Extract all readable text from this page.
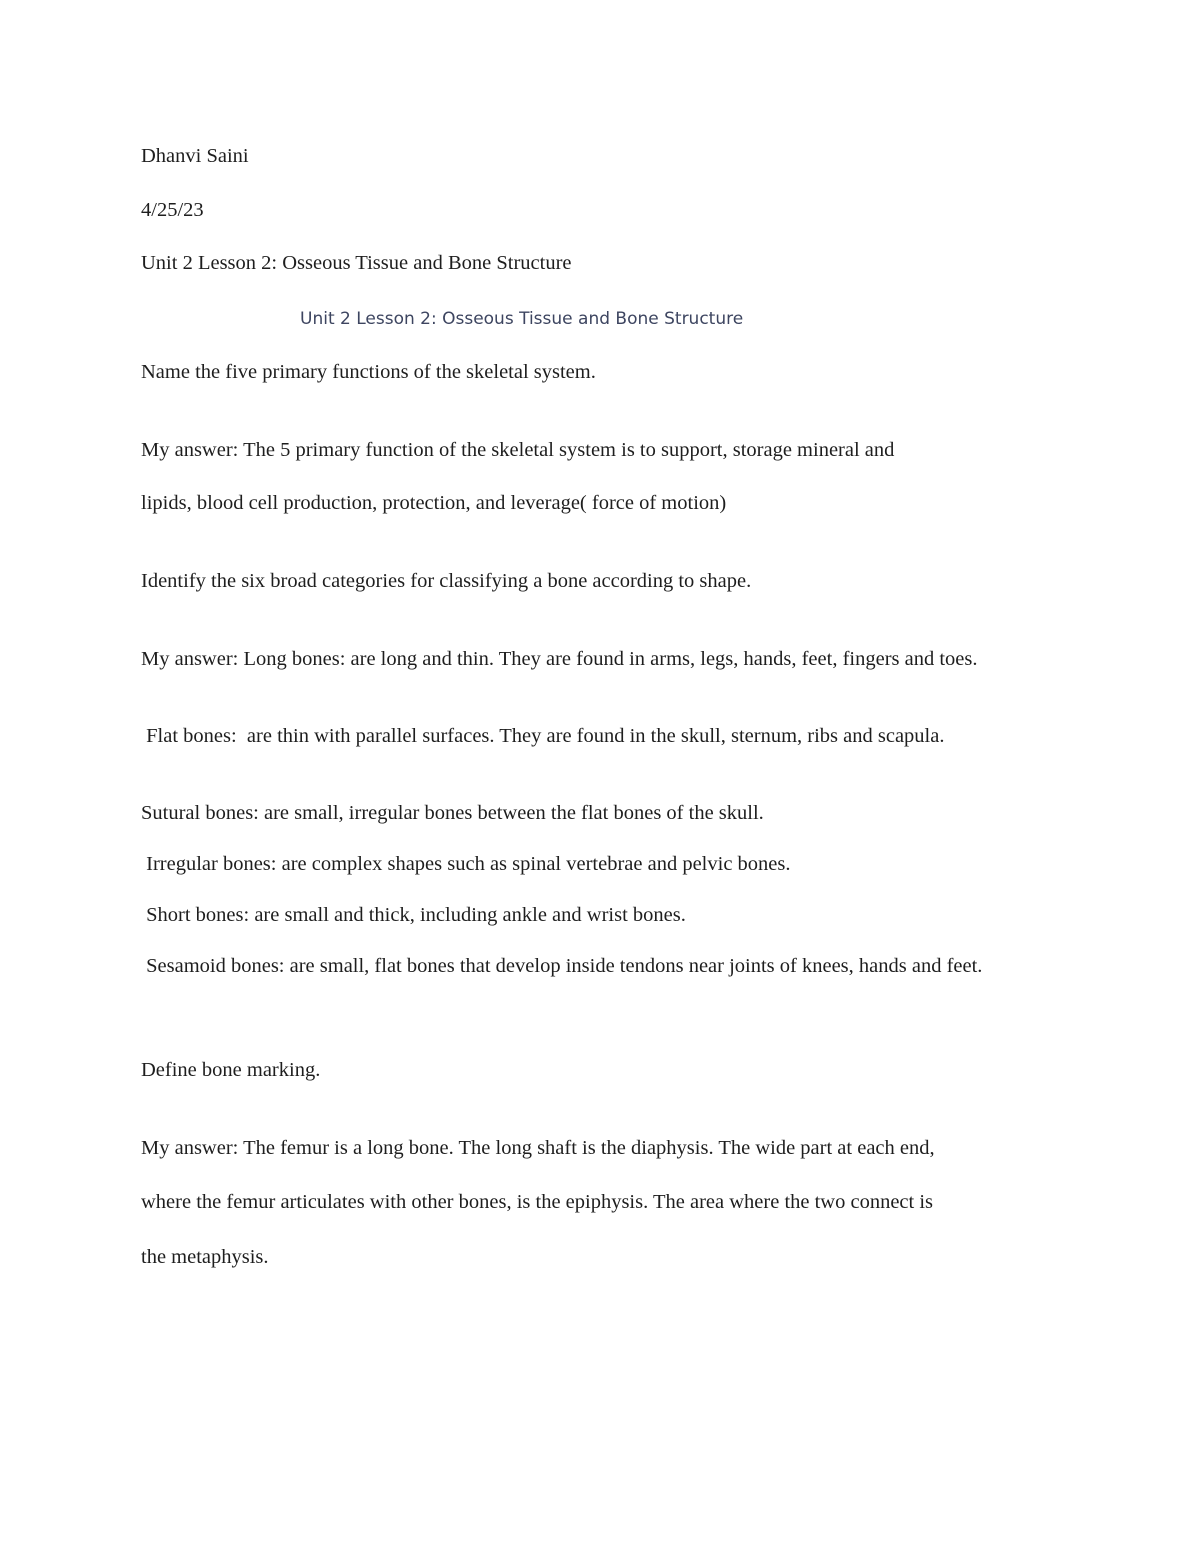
Dhanvi Saini

4/25/23

Unit 2 Lesson 2: Osseous Tissue and Bone Structure

Unit 2 Lesson 2: Osseous Tissue and Bone Structure

Name the five primary functions of the skeletal system.

My answer: The 5 primary function of the skeletal system is to support, storage mineral and

lipids, blood cell production, protection, and leverage( force of motion)

Identify the six broad categories for classifying a bone according to shape.

My answer: Long bones: are long and thin. They are found in arms, legs, hands, feet, fingers and toes.

Flat bones:  are thin with parallel surfaces. They are found in the skull, sternum, ribs and scapula.

Sutural bones: are small, irregular bones between the flat bones of the skull.

Irregular bones: are complex shapes such as spinal vertebrae and pelvic bones.

Short bones: are small and thick, including ankle and wrist bones.

Sesamoid bones: are small, flat bones that develop inside tendons near joints of knees, hands and feet.

Define bone marking.

My answer: The femur is a long bone. The long shaft is the diaphysis. The wide part at each end,

where the femur articulates with other bones, is the epiphysis. The area where the two connect is

the metaphysis.
